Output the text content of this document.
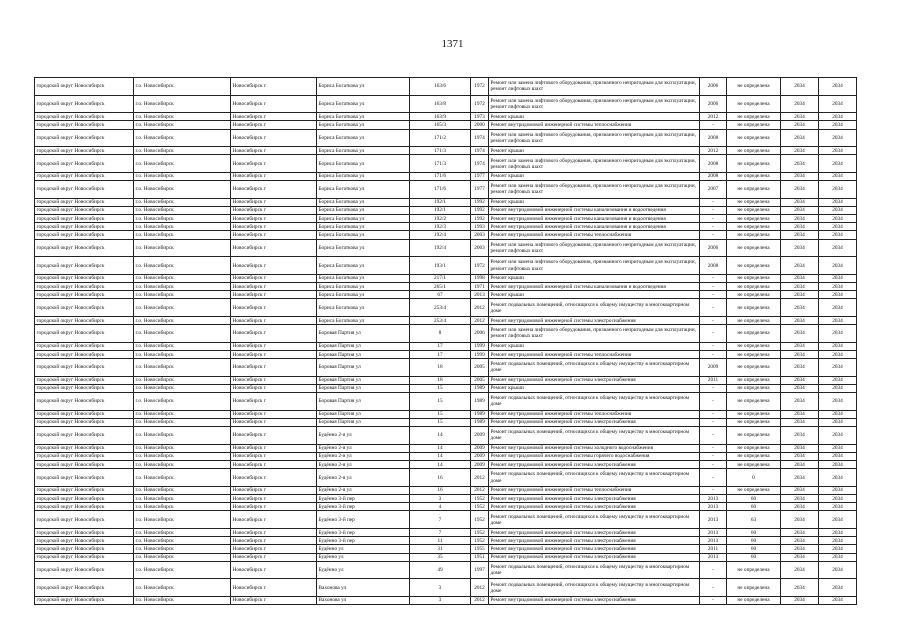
1371
городской округ Новосибирск	г.о. Новосибирск	Новосибирск г	Бориса Богаткова ул	163/6	1972	Ремонт или замена лифтового оборудования, признанного непригодным для эксплуатации, ремонт лифтовых шахт	2006	не определена	2034	2034
городской округ Новосибирск	г.о. Новосибирск	Новосибирск г	Бориса Богаткова ул	163/8	1972	Ремонт или замена лифтового оборудования, признанного непригодным для эксплуатации, ремонт лифтовых шахт	2006	не определена	2034	2034
городской округ Новосибирск	г.о. Новосибирск	Новосибирск г	Бориса Богаткова ул	163/9	1973	Ремонт крыши	2012	не определена	2034	2034
городской округ Новосибирск	г.о. Новосибирск	Новосибирск г	Бориса Богаткова ул	165/3	2000	Ремонт внутридомовой инженерной системы теплоснабжения	-	не определена	2034	2034
городской округ Новосибирск	г.о. Новосибирск	Новосибирск г	Бориса Богаткова ул	171/2	1974	Ремонт или замена лифтового оборудования, признанного непригодным для эксплуатации, ремонт лифтовых шахт	2008	не определена	2034	2034
городской округ Новосибирск	г.о. Новосибирск	Новосибирск г	Бориса Богаткова ул	171/3	1974	Ремонт крыши	2012	не определена	2034	2034
городской округ Новосибирск	г.о. Новосибирск	Новосибирск г	Бориса Богаткова ул	171/3	1974	Ремонт или замена лифтового оборудования, признанного непригодным для эксплуатации, ремонт лифтовых шахт	2008	не определена	2034	2034
городской округ Новосибирск	г.о. Новосибирск	Новосибирск г	Бориса Богаткова ул	171/6	1977	Ремонт крыши	2008	не определена	2034	2034
городской округ Новосибирск	г.о. Новосибирск	Новосибирск г	Бориса Богаткова ул	171/6	1977	Ремонт или замена лифтового оборудования, признанного непригодным для эксплуатации, ремонт лифтовых шахт	2007	не определена	2034	2034
городской округ Новосибирск	г.о. Новосибирск	Новосибирск г	Бориса Богаткова ул	192/1	1992	Ремонт крыши	-	не определена	2034	2034
городской округ Новосибирск	г.о. Новосибирск	Новосибирск г	Бориса Богаткова ул	192/1	1992	Ремонт внутридомовой инженерной системы канализования и водоотведения	-	не определена	2034	2034
городской округ Новосибирск	г.о. Новосибирск	Новосибирск г	Бориса Богаткова ул	192/2	1992	Ремонт внутридомовой инженерной системы канализования и водоотведения	-	не определена	2034	2034
городской округ Новосибирск	г.о. Новосибирск	Новосибирск г	Бориса Богаткова ул	192/3	1993	Ремонт внутридомовой инженерной системы канализования и водоотведения	-	не определена	2034	2034
городской округ Новосибирск	г.о. Новосибирск	Новосибирск г	Бориса Богаткова ул	192/4	2003	Ремонт внутридомовой инженерной системы теплоснабжения	-	не определена	2034	2034
городской округ Новосибирск	г.о. Новосибирск	Новосибирск г	Бориса Богаткова ул	192/4	2003	Ремонт или замена лифтового оборудования, признанного непригодным для эксплуатации, ремонт лифтовых шахт	2006	не определена	2034	2034
городской округ Новосибирск	г.о. Новосибирск	Новосибирск г	Бориса Богаткова ул	193/1	1972	Ремонт или замена лифтового оборудования, признанного непригодным для эксплуатации, ремонт лифтовых шахт	2008	не определена	2034	2034
городской округ Новосибирск	г.о. Новосибирск	Новосибирск г	Бориса Богаткова ул	217/1	1998	Ремонт крыши	-	не определена	2034	2034
городской округ Новосибирск	г.о. Новосибирск	Новосибирск г	Бориса Богаткова ул	265/1	1971	Ремонт внутридомовой инженерной системы канализования и водоотведения	-	не определена	2034	2034
городской округ Новосибирск	г.о. Новосибирск	Новосибирск г	Бориса Богаткова ул	67	2013	Ремонт крыши	-	не определена	2034	2034
городской округ Новосибирск	г.о. Новосибирск	Новосибирск г	Бориса Богаткова ул	253/4	2012	Ремонт подвальных помещений, относящихся к общему имуществу в многоквартирном доме	-	не определена	2034	2034
городской округ Новосибирск	г.о. Новосибирск	Новосибирск г	Бориса Богаткова ул	253/4	2012	Ремонт внутридомовой инженерной системы электроснабжения	-	не определена	2034	2034
городской округ Новосибирск	г.о. Новосибирск	Новосибирск г	Боровая Партия ул	8	2006	Ремонт или замена лифтового оборудования, признанного непригодным для эксплуатации, ремонт лифтовых шахт	-	не определена	2034	2034
городской округ Новосибирск	г.о. Новосибирск	Новосибирск г	Боровая Партия ул	17	1999	Ремонт крыши	-	не определена	2034	2034
городской округ Новосибирск	г.о. Новосибирск	Новосибирск г	Боровая Партия ул	17	1999	Ремонт внутридомовой инженерной системы теплоснабжения	-	не определена	2034	2034
городской округ Новосибирск	г.о. Новосибирск	Новосибирск г	Боровая Партия ул	18	2005	Ремонт подвальных помещений, относящихся к общему имуществу в многоквартирном доме	2009	не определена	2034	2034
городской округ Новосибирск	г.о. Новосибирск	Новосибирск г	Боровая Партия ул	18	2005	Ремонт внутридомовой инженерной системы электроснабжения	2011	не определена	2034	2034
городской округ Новосибирск	г.о. Новосибирск	Новосибирск г	Боровая Партия ул	15	1989	Ремонт крыши	-	не определена	2034	2034
городской округ Новосибирск	г.о. Новосибирск	Новосибирск г	Боровая Партия ул	15	1989	Ремонт подвальных помещений, относящихся к общему имуществу в многоквартирном доме	-	не определена	2034	2034
городской округ Новосибирск	г.о. Новосибирск	Новосибирск г	Боровая Партия ул	15	1989	Ремонт внутридомовой инженерной системы теплоснабжения	-	не определена	2034	2034
городской округ Новосибирск	г.о. Новосибирск	Новосибирск г	Боровая Партия ул	15	1989	Ремонт внутридомовой инженерной системы электроснабжения	-	не определена	2034	2034
городской округ Новосибирск	г.о. Новосибирск	Новосибирск г	Будённо 2-я ул	14	2009	Ремонт подвальных помещений, относящихся к общему имуществу в многоквартирном доме	-	не определена	2034	2034
городской округ Новосибирск	г.о. Новосибирск	Новосибирск г	Будённо 2-я ул	14	2009	Ремонт внутридомовой инженерной системы холодного водоснабжения	-	не определена	2034	2034
городской округ Новосибирск	г.о. Новосибирск	Новосибирск г	Будённо 2-я ул	14	2009	Ремонт внутридомовой инженерной системы горячего водоснабжения	-	не определена	2034	2034
городской округ Новосибирск	г.о. Новосибирск	Новосибирск г	Будённо 2-я ул	14	2009	Ремонт внутридомовой инженерной системы электроснабжения	-	не определена	2034	2034
городской округ Новосибирск	г.о. Новосибирск	Новосибирск г	Будённо 2-я ул	16	2012	Ремонт подвальных помещений, относящихся к общему имуществу в многоквартирном доме	-	0	2034	2034
городской округ Новосибирск	г.о. Новосибирск	Новосибирск г	Будённо 2-я ул	16	2012	Ремонт внутридомовой инженерной системы теплоснабжения	-	не определена	2034	2034
городской округ Новосибирск	г.о. Новосибирск	Новосибирск г	Будённо 3-й пер	3	1952	Ремонт внутридомовой инженерной системы электроснабжения	2013	60	2034	2034
городской округ Новосибирск	г.о. Новосибирск	Новосибирск г	Будённо 3-й пер	4	1952	Ремонт внутридомовой инженерной системы электроснабжения	2013	60	2034	2034
городской округ Новосибирск	г.о. Новосибирск	Новосибирск г	Будённо 3-й пер	7	1952	Ремонт подвальных помещений, относящихся к общему имуществу в многоквартирном доме	2013	63	2034	2034
городской округ Новосибирск	г.о. Новосибирск	Новосибирск г	Будённо 3-й пер	7	1952	Ремонт внутридомовой инженерной системы электроснабжения	2013	60	2034	2034
городской округ Новосибирск	г.о. Новосибирск	Новосибирск г	Будённо 3-й пер	11	1952	Ремонт внутридомовой инженерной системы электроснабжения	2013	60	2034	2034
городской округ Новосибирск	г.о. Новосибирск	Новосибирск г	Будённо ул	31	1955	Ремонт внутридомовой инженерной системы электроснабжения	2011	60	2034	2034
городской округ Новосибирск	г.о. Новосибирск	Новосибирск г	Будённо ул	35	1951	Ремонт внутридомовой инженерной системы электроснабжения	2013	60	2034	2034
городской округ Новосибирск	г.о. Новосибирск	Новосибирск г	Будённо ул	49	1997	Ремонт подвальных помещений, относящихся к общему имуществу в многоквартирном доме	-	не определена	2034	2034
городской округ Новосибирск	г.о. Новосибирск	Новосибирск г	Вахонова ул	3	2012	Ремонт подвальных помещений, относящихся к общему имуществу в многоквартирном доме	-	не определена	2034	2034
городской округ Новосибирск	г.о. Новосибирск	Новосибирск г	Вахонова ул	3	2012	Ремонт внутридомовой инженерной системы электроснабжения	-	не определена	2034	2034
